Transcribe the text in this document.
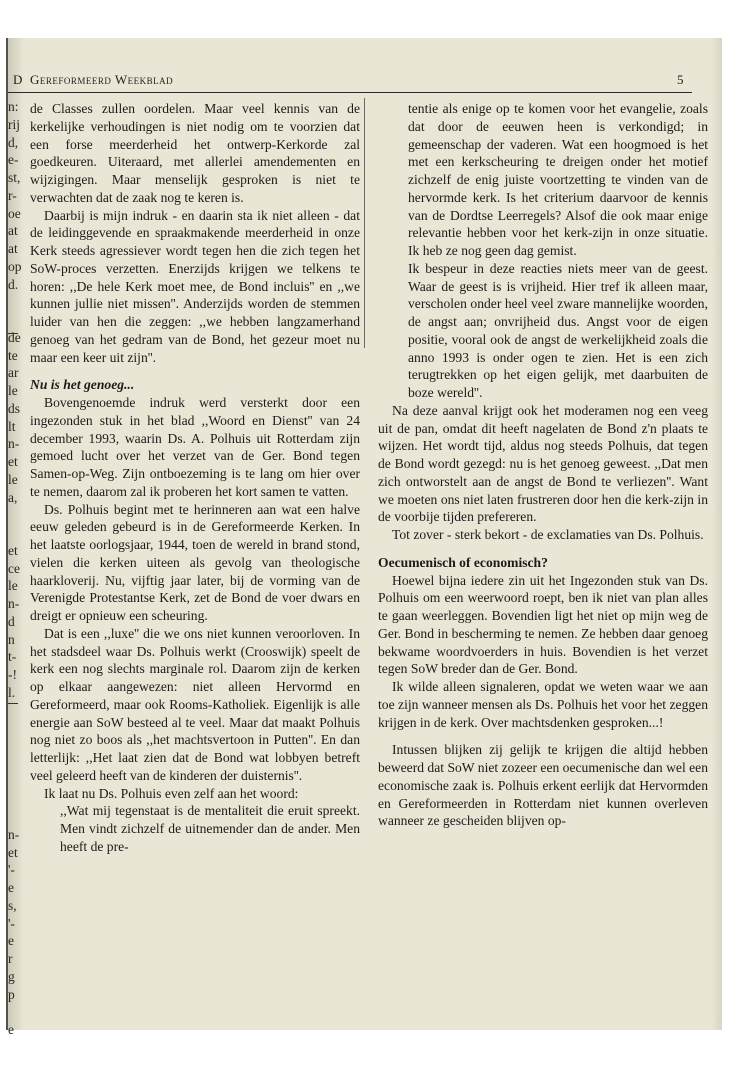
D Gereformeerd Weekblad	5
n:
rij
d,
e-
st,
r-
oe
at
at
op
d.
de
te
ar
le
ds
lt
n-
et
le
a,
et
ce
le
n-
d
n
t-
-!
l.
n-
et
'-
e
s,
'-
e
r
g
p
e

de Classes zullen oordelen. Maar veel kennis van de kerkelijke verhoudingen is niet nodig om te voorzien dat een forse meerderheid het ontwerp-Kerkorde zal goedkeuren. Uiteraard, met allerlei amendementen en wijzigingen. Maar menselijk gesproken is niet te verwachten dat de zaak nog te keren is.

Daarbij is mijn indruk - en daarin sta ik niet alleen - dat de leidinggevende en spraakmakende meerderheid in onze Kerk steeds agressiever wordt tegen hen die zich tegen het SoW-proces verzetten. Enerzijds krijgen we telkens te horen: ,,De hele Kerk moet mee, de Bond incluis'' en ,,we kunnen jullie niet missen''. Anderzijds worden de stemmen luider van hen die zeggen: ,,we hebben langzamerhand genoeg van het gedram van de Bond, het gezeur moet nu maar een keer uit zijn''.

Nu is het genoeg...

Bovengenoemde indruk werd versterkt door een ingezonden stuk in het blad ,,Woord en Dienst'' van 24 december 1993, waarin Ds. A. Polhuis uit Rotterdam zijn gemoed lucht over het verzet van de Ger. Bond tegen Samen-op-Weg. Zijn ontboezeming is te lang om hier over te nemen, daarom zal ik proberen het kort samen te vatten.

Ds. Polhuis begint met te herinneren aan wat een halve eeuw geleden gebeurd is in de Gereformeerde Kerken. In het laatste oorlogsjaar, 1944, toen de wereld in brand stond, vielen die kerken uiteen als gevolg van theologische haarkloverij. Nu, vijftig jaar later, bij de vorming van de Verenigde Protestantse Kerk, zet de Bond de voer dwars en dreigt er opnieuw een scheuring.

Dat is een ,,luxe'' die we ons niet kunnen veroorloven. In het stadsdeel waar Ds. Polhuis werkt (Crooswijk) speelt de kerk een nog slechts marginale rol. Daarom zijn de kerken op elkaar aangewezen: niet alleen Hervormd en Gereformeerd, maar ook Rooms-Katholiek. Eigenlijk is alle energie aan SoW besteed al te veel. Maar dat maakt Polhuis nog niet zo boos als ,,het machtsvertoon in Putten''. En dan letterlijk: ,,Het laat zien dat de Bond wat lobbyen betreft veel geleerd heeft van de kinderen der duisternis''.

Ik laat nu Ds. Polhuis even zelf aan het woord:

,,Wat mij tegenstaat is de mentaliteit die eruit spreekt. Men vindt zichzelf de uitnemender dan de ander. Men heeft de pre-

tentie als enige op te komen voor het evangelie, zoals dat door de eeuwen heen is verkondigd; in gemeenschap der vaderen. Wat een hoogmoed is het met een kerkscheuring te dreigen onder het motief zichzelf de enig juiste voortzetting te vinden van de hervormde kerk. Is het criterium daarvoor de kennis van de Dordtse Leerregels? Alsof die ook maar enige relevantie hebben voor het kerk-zijn in onze situatie. Ik heb ze nog geen dag gemist.

Ik bespeur in deze reacties niets meer van de geest. Waar de geest is is vrijheid. Hier tref ik alleen maar, verscholen onder heel veel zware mannelijke woorden, de angst aan; onvrijheid dus. Angst voor de eigen positie, vooral ook de angst de werkelijkheid zoals die anno 1993 is onder ogen te zien. Het is een zich terugtrekken op het eigen gelijk, met daarbuiten de boze wereld''.

Na deze aanval krijgt ook het moderamen nog een veeg uit de pan, omdat dit heeft nagelaten de Bond z'n plaats te wijzen. Het wordt tijd, aldus nog steeds Polhuis, dat tegen de Bond wordt gezegd: nu is het genoeg geweest. ,,Dat men zich ontworstelt aan de angst de Bond te verliezen''. Want we moeten ons niet laten frustreren door hen die kerk-zijn in de voorbije tijden prefereren.

Tot zover - sterk bekort - de exclamaties van Ds. Polhuis.

Oecumenisch of economisch?

Hoewel bijna iedere zin uit het Ingezonden stuk van Ds. Polhuis om een weerwoord roept, ben ik niet van plan alles te gaan weerleggen. Bovendien ligt het niet op mijn weg de Ger. Bond in bescherming te nemen. Ze hebben daar genoeg bekwame woordvoerders in huis. Bovendien is het verzet tegen SoW breder dan de Ger. Bond.

Ik wilde alleen signaleren, opdat we weten waar we aan toe zijn wanneer mensen als Ds. Polhuis het voor het zeggen krijgen in de kerk. Over machtsdenken gesproken...!

Intussen blijken zij gelijk te krijgen die altijd hebben beweerd dat SoW niet zozeer een oecumenische dan wel een economische zaak is. Polhuis erkent eerlijk dat Hervormden en Gereformeerden in Rotterdam niet kunnen overleven wanneer ze gescheiden blijven op-
